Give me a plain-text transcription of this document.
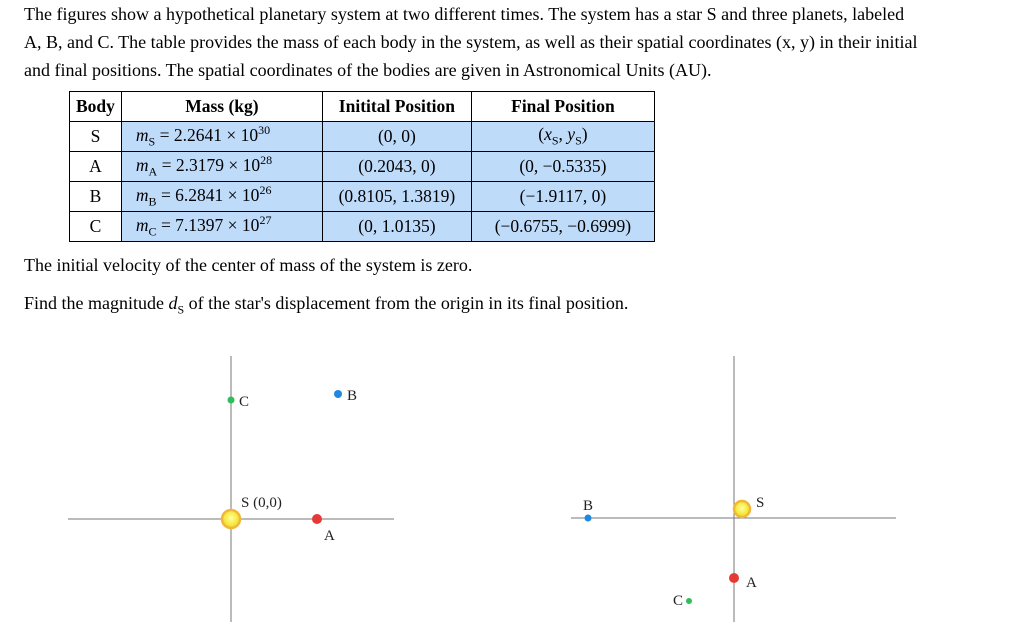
The figures show a hypothetical planetary system at two different times. The system has a star S and three planets, labeled
A, B, and C. The table provides the mass of each body in the system, as well as their spatial coordinates (x, y) in their initial
and final positions. The spatial coordinates of the bodies are given in Astronomical Units (AU).

Body	Mass (kg)	Initital Position	Final Position
S	$m_S = 2.2641 \times 10^{30}$	(0, 0)	($x_S$, $y_S$)
A	$m_A = 2.3179 \times 10^{28}$	(0.2043, 0)	(0, −0.5335)
B	$m_B = 6.2841 \times 10^{26}$	(0.8105, 1.3819)	(−1.9117, 0)
C	$m_C = 7.1397 \times 10^{27}$	(0, 1.0135)	(−0.6755, −0.6999)

The initial velocity of the center of mass of the system is zero.

Find the magnitude $d_S$ of the star's displacement from the origin in its final position.

C	B
S (0,0)
A
B	S
A
C
